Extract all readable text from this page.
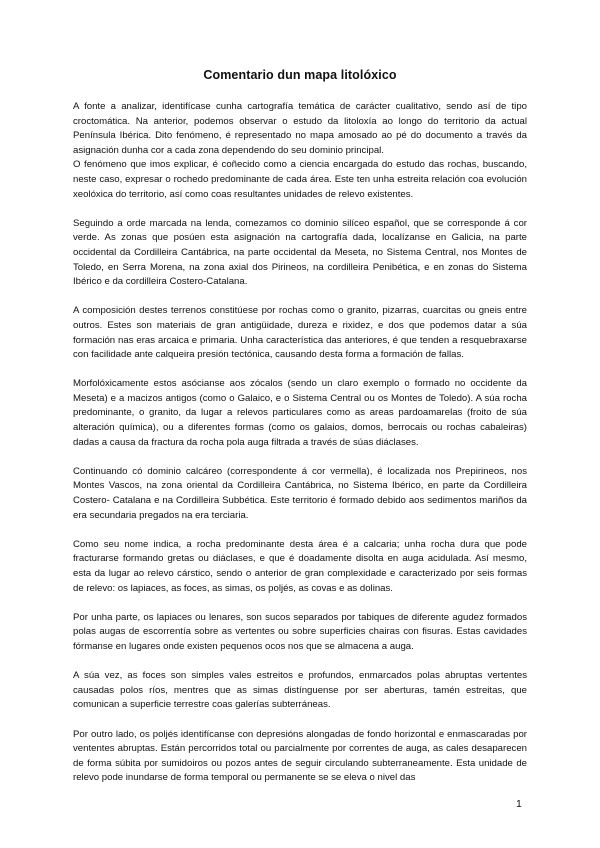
Comentario dun mapa litolóxico

A fonte a analizar, identifícase cunha cartografía temática de carácter cualitativo, sendo así de tipo croctomática. Na anterior, podemos observar o estudo da litoloxía ao longo do territorio da actual Península Ibérica. Dito fenómeno, é representado no mapa amosado ao pé do documento a través da asignación dunha cor a cada zona dependendo do seu dominio principal.

O fenómeno que imos explicar, é coñecido como a ciencia encargada do estudo das rochas, buscando, neste caso, expresar o rochedo predominante de cada área. Este ten unha estreita relación coa evolución xeolóxica do territorio, así como coas resultantes unidades de relevo existentes.

Seguindo a orde marcada na lenda, comezamos co dominio silíceo español, que se corresponde á cor verde. As zonas que posúen esta asignación na cartografía dada, localízanse en Galicia, na parte occidental da Cordilleira Cantábrica, na parte occidental da Meseta, no Sistema Central, nos Montes de Toledo, en Serra Morena, na zona axial dos Pirineos, na cordilleira Penibética, e en zonas do Sistema Ibérico e da cordilleira Costero-Catalana.

A composición destes terrenos constitúese por rochas como o granito, pizarras, cuarcitas ou gneis entre outros. Estes son materiais de gran antigüidade, dureza e rixidez, e dos que podemos datar a súa formación nas eras arcaica e primaria. Unha característica das anteriores, é que tenden a resquebraxarse con facilidade ante calqueira presión tectónica, causando desta forma a formación de fallas.

Morfolóxicamente estos asócianse aos zócalos (sendo un claro exemplo o formado no occidente da Meseta) e a macizos antigos (como o Galaico, e o Sistema Central ou os Montes de Toledo). A súa rocha predominante, o granito, da lugar a relevos particulares como as areas pardoamarelas (froito de súa alteración química), ou a diferentes formas (como os galaios, domos, berrocais ou rochas cabaleiras) dadas a causa da fractura da rocha pola auga filtrada a través de súas diáclases.

Continuando có dominio calcáreo (correspondente á cor vermella), é localizada nos Prepirineos, nos Montes Vascos, na zona oriental da Cordilleira Cantábrica, no Sistema Ibérico, en parte da Cordilleira Costero- Catalana e na Cordilleira Subbética. Este territorio é formado debido aos sedimentos mariños da era secundaria pregados na era terciaria.

Como seu nome indica, a rocha predominante desta área é a calcaria; unha rocha dura que pode fracturarse formando gretas ou diáclases, e que é doadamente disolta en auga acidulada. Así mesmo, esta da lugar ao relevo cárstico, sendo o anterior de gran complexidade e caracterizado por seis formas de relevo: os lapiaces, as foces, as simas, os poljés, as covas e as dolinas.

Por unha parte, os lapiaces ou lenares, son sucos separados por tabiques de diferente agudez formados polas augas de escorrentía sobre as vertentes ou sobre superficies chairas con fisuras. Estas cavidades fórmanse en lugares onde existen pequenos ocos nos que se almacena a auga.

A súa vez, as foces son simples vales estreitos e profundos, enmarcados polas abruptas vertentes causadas polos ríos, mentres que as simas distínguense por ser aberturas, tamén estreitas, que comunican a superficie terrestre coas galerías subterráneas.

Por outro lado, os poljés identifícanse con depresións alongadas de fondo horizontal e enmascaradas por vententes abruptas. Están percorridos total ou parcialmente por correntes de auga, as cales desaparecen de forma súbita por sumidoiros ou pozos antes de seguir circulando subterraneamente. Esta unidade de relevo pode inundarse de forma temporal ou permanente se se eleva o nivel das

1
